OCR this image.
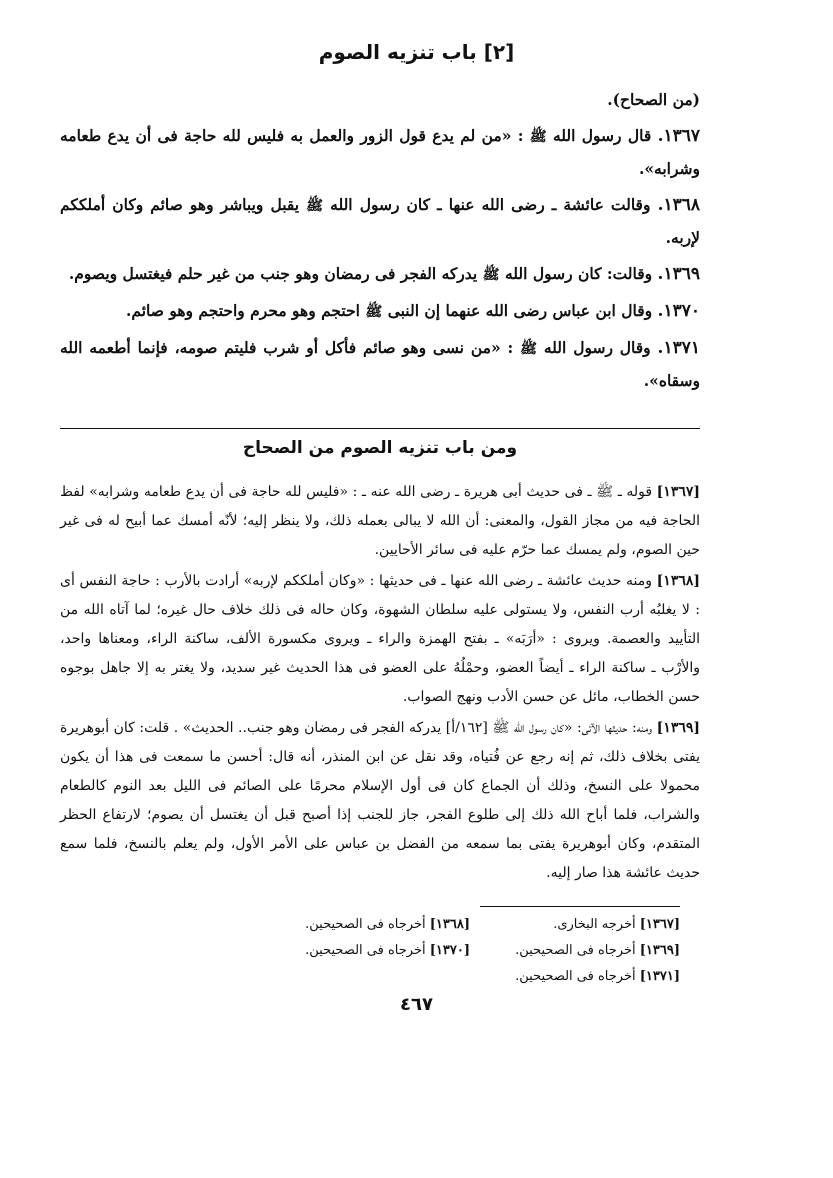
[٢] باب تنزيه الصوم

(من الصحاح).

١٣٦٧. قال رسول الله ﷺ : «من لم يدع قول الزور والعمل به فليس لله حاجة فى أن يدع طعامه وشرابه».

١٣٦٨. وقالت عائشة ـ رضى الله عنها ـ كان رسول الله ﷺ يقبل ويباشر وهو صائم وكان أملككم لإربه.

١٣٦٩. وقالت: كان رسول الله ﷺ يدركه الفجر فى رمضان وهو جنب من غير حلم فيغتسل ويصوم.

١٣٧٠. وقال ابن عباس رضى الله عنهما إن النبى ﷺ احتجم وهو محرم واحتجم وهو صائم.

١٣٧١. وقال رسول الله ﷺ : «من نسى وهو صائم فأكل أو شرب فليتم صومه، فإنما أطعمه الله وسقاه».

ومن باب تنزيه الصوم من الصحاح

[١٣٦٧] قوله ـ ﷺ ـ فى حديث أبى هريرة ـ رضى الله عنه ـ : «فليس لله حاجة فى أن يدع طعامه وشرابه» لفظ الحاجة فيه من مجاز القول، والمعنى: أن الله لا يبالى بعمله ذلك، ولا ينظر إليه؛ لأنّه أمسك عما أبيح له فى غير حين الصوم، ولم يمسك عما حرّم عليه فى سائر الأحايين.

[١٣٦٨] ومنه حديث عائشة ـ رضى الله عنها ـ فى حديثها : «وكان أملككم لإربه» أرادت بالأرب : حاجة النفس أى : لا يغلبُه أرب النفس، ولا يستولى عليه سلطان الشهوة، وكان حاله فى ذلك خلاف حال غيره؛ لما آتاه الله من التأييد والعصمة. ويروى : «أرَبَه» ـ بفتح الهمزة والراء ـ ويروى مكسورة الألف، ساكنة الراء، ومعناها واحد، والأرْب ـ ساكنة الراء ـ أيضاً العضو، وحمْلُهُ على العضو فى هذا الحديث غير سديد، ولا يغتر به إلا جاهل بوجوه حسن الخطاب، مائل عن حسن الأدب ونهج الصواب.

[١٣٦٩] ومنه: حديثها الآتى: «كان رسول الله ﷺ [١٦٢/أ] يدركه الفجر فى رمضان وهو جنب.. الحديث» . قلت: كان أبوهريرة يفتى بخلاف ذلك، ثم إنه رجع عن فُتياه، وقد نقل عن ابن المنذر، أنه قال: أحسن ما سمعت فى هذا أن يكون محمولا على النسخ، وذلك أن الجماع كان فى أول الإسلام محرمًا على الصائم فى الليل بعد النوم كالطعام والشراب، فلما أباح الله ذلك إلى طلوع الفجر، جاز للجنب إذا أصبح قبل أن يغتسل أن يصوم؛ لارتفاع الحظر المتقدم، وكان أبوهريرة يفتى بما سمعه من الفضل بن عباس على الأمر الأول، ولم يعلم بالنسخ، فلما سمع حديث عائشة هذا صار إليه.

[١٣٦٧] أخرجه البخارى.
[١٣٦٨] أخرجاه فى الصحيحين.
[١٣٦٩] أخرجاه فى الصحيحين.
[١٣٧٠] أخرجاه فى الصحيحين.
[١٣٧١] أخرجاه فى الصحيحين.
٤٦٧
